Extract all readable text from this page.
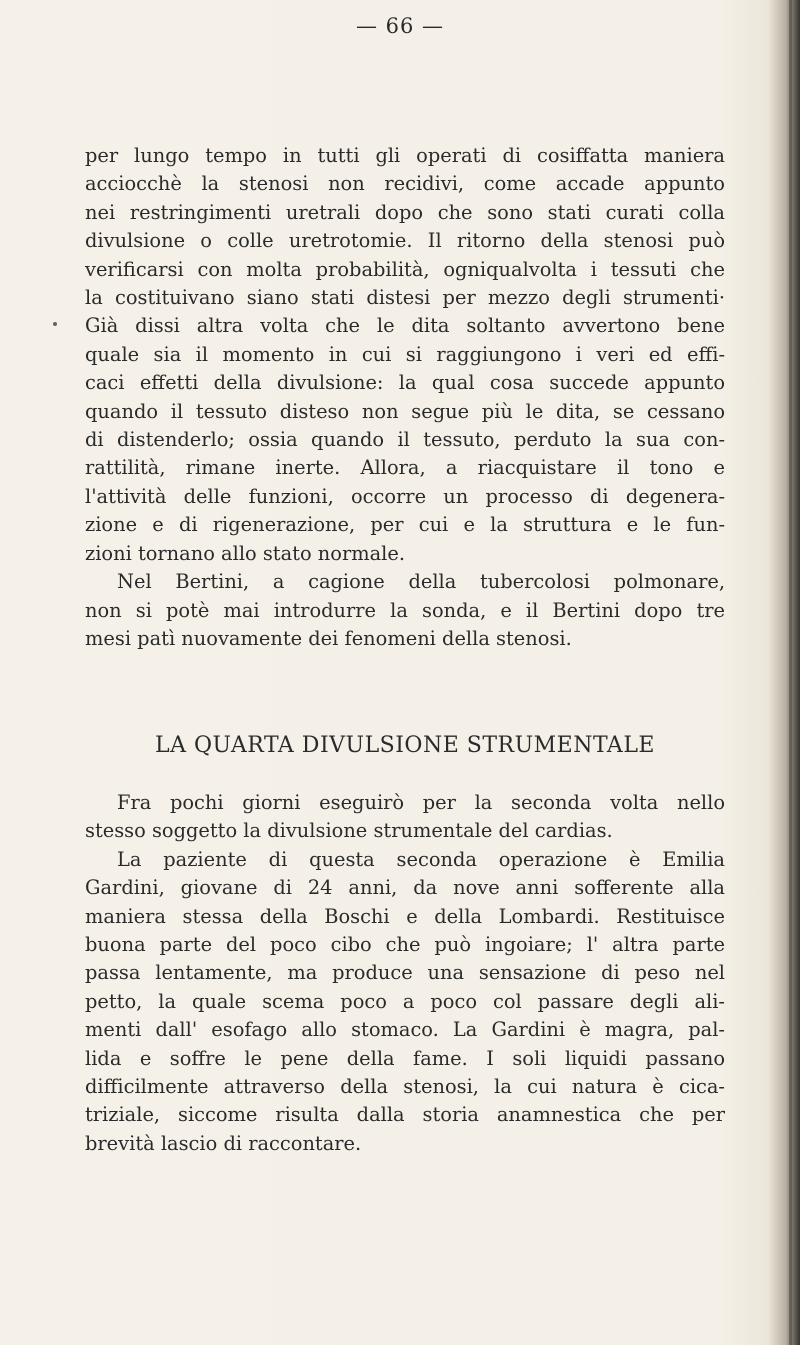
— 66 —
per lungo tempo in tutti gli operati di cosiffatta maniera
acciocchè la stenosi non recidivi, come accade appunto
nei restringimenti uretrali dopo che sono stati curati colla
divulsione o colle uretrotomie. Il ritorno della stenosi può
verificarsi con molta probabilità, ogniqualvolta i tessuti che
la costituivano siano stati distesi per mezzo degli strumenti·
Già dissi altra volta che le dita soltanto avvertono bene
quale sia il momento in cui si raggiungono i veri ed effi-
caci effetti della divulsione: la qual cosa succede appunto
quando il tessuto disteso non segue più le dita, se cessano
di distenderlo; ossia quando il tessuto, perduto la sua con-
rattilità, rimane inerte. Allora, a riacquistare il tono e
l'attività delle funzioni, occorre un processo di degenera-
zione e di rigenerazione, per cui e la struttura e le fun-
zioni tornano allo stato normale.
Nel Bertini, a cagione della tubercolosi polmonare,
non si potè mai introdurre la sonda, e il Bertini dopo tre
mesi patì nuovamente dei fenomeni della stenosi.
LA QUARTA DIVULSIONE STRUMENTALE
Fra pochi giorni eseguirò per la seconda volta nello
stesso soggetto la divulsione strumentale del cardias.
La paziente di questa seconda operazione è Emilia
Gardini, giovane di 24 anni, da nove anni sofferente alla
maniera stessa della Boschi e della Lombardi. Restituisce
buona parte del poco cibo che può ingoiare; l' altra parte
passa lentamente, ma produce una sensazione di peso nel
petto, la quale scema poco a poco col passare degli ali-
menti dall' esofago allo stomaco. La Gardini è magra, pal-
lida e soffre le pene della fame. I soli liquidi passano
difficilmente attraverso della stenosi, la cui natura è cica-
triziale, siccome risulta dalla storia anamnestica che per
brevità lascio di raccontare.
